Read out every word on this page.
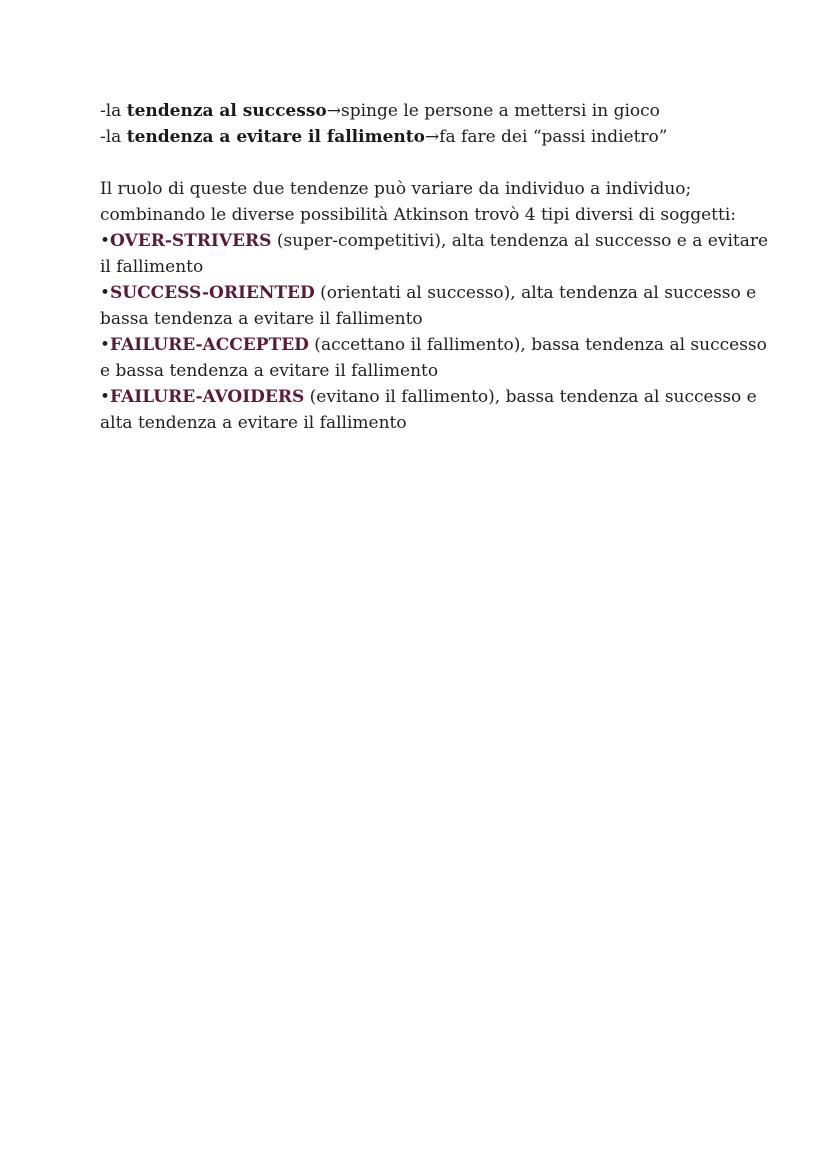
-la tendenza al successo→spinge le persone a mettersi in gioco
-la tendenza a evitare il fallimento→fa fare dei “passi indietro”
Il ruolo di queste due tendenze può variare da individuo a individuo;
combinando le diverse possibilità Atkinson trovò 4 tipi diversi di soggetti:
•OVER-STRIVERS (super-competitivi), alta tendenza al successo e a evitare
il fallimento
•SUCCESS-ORIENTED (orientati al successo), alta tendenza al successo e
bassa tendenza a evitare il fallimento
•FAILURE-ACCEPTED (accettano il fallimento), bassa tendenza al successo
e bassa tendenza a evitare il fallimento
•FAILURE-AVOIDERS (evitano il fallimento), bassa tendenza al successo e
alta tendenza a evitare il fallimento
